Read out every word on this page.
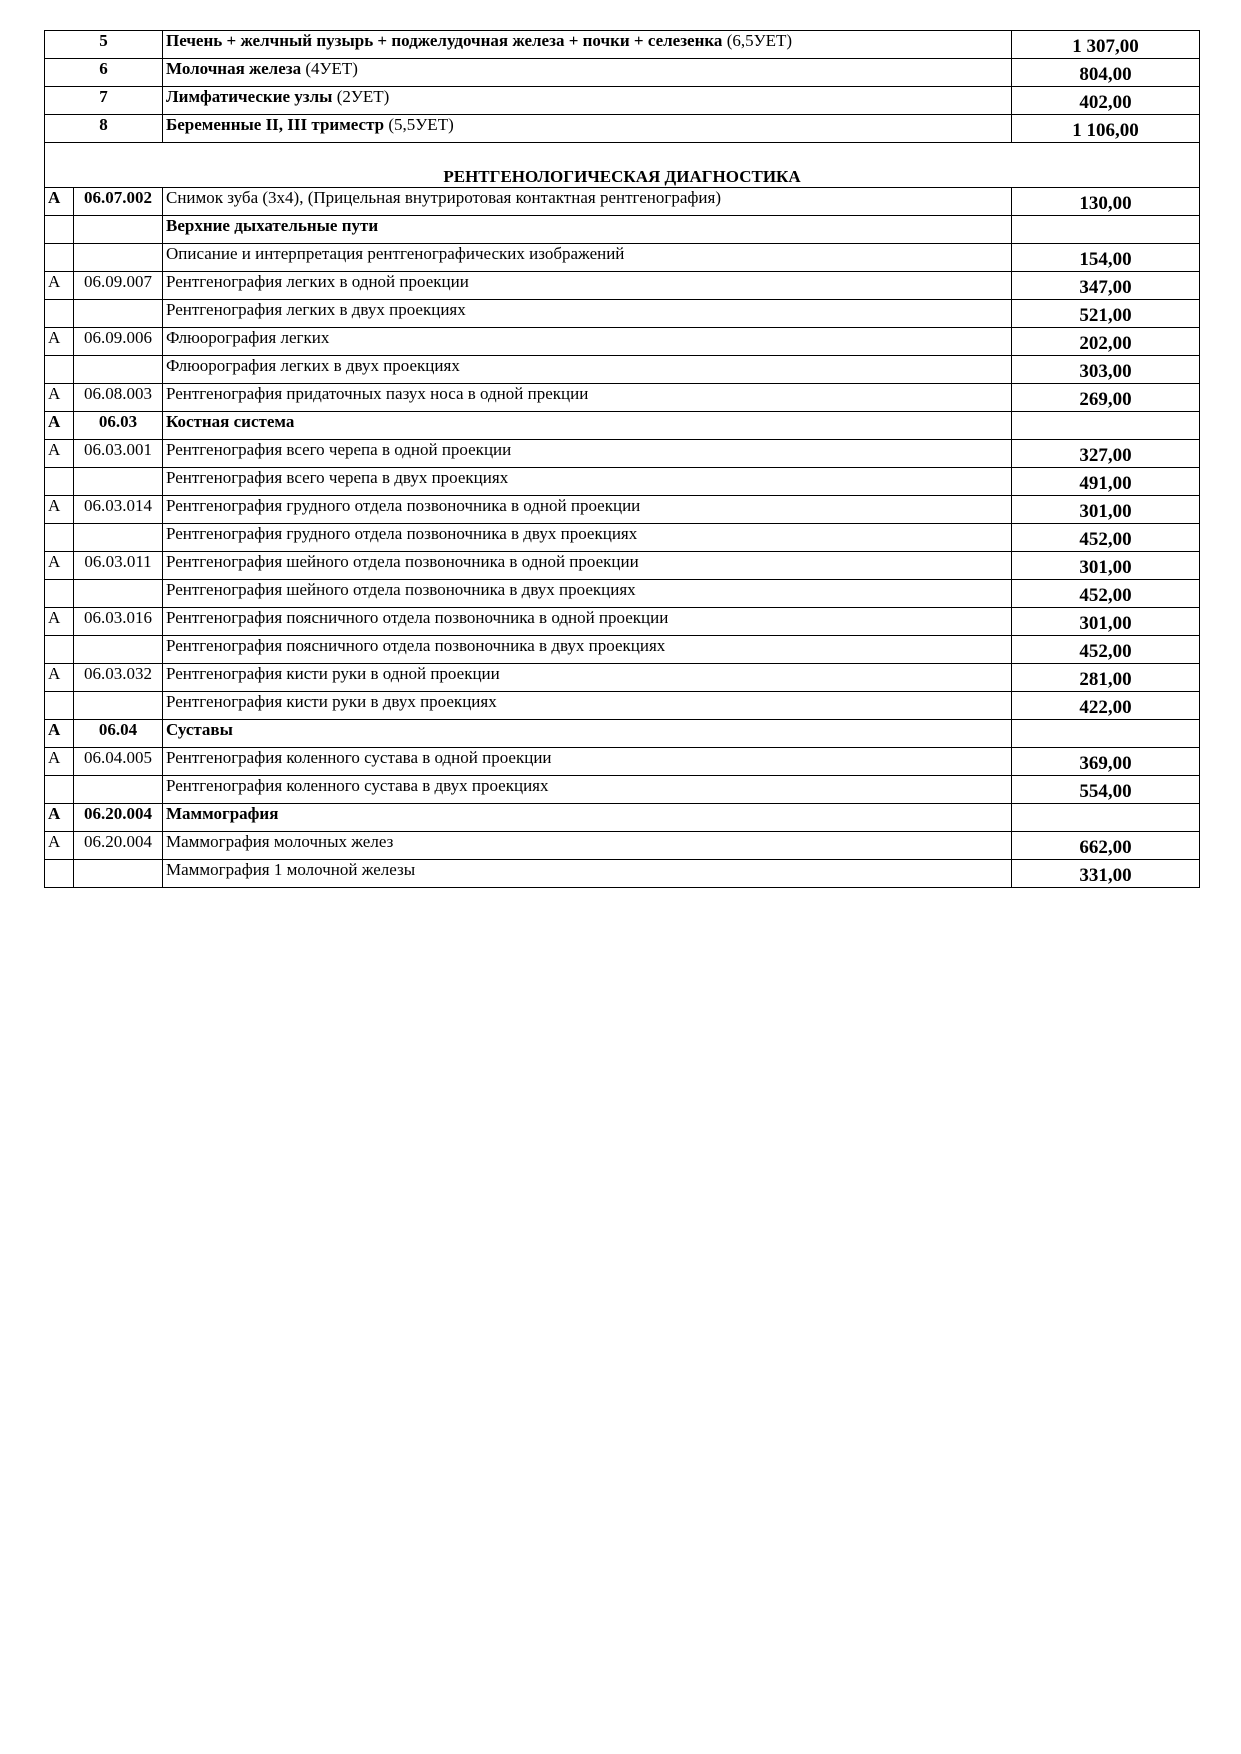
5		Печень + желчный пузырь + поджелудочная железа + почки + селезенка (6,5УЕТ)	1 307,00
6		Молочная железа (4УЕТ)	804,00
7		Лимфатические узлы (2УЕТ)	402,00
8		Беременные II, III триместр (5,5УЕТ)	1 106,00
РЕНТГЕНОЛОГИЧЕСКАЯ ДИАГНОСТИКА			
А	06.07.002	Снимок зуба (3х4), (Прицельная внутриротовая контактная рентгенография)	130,00
		Верхние дыхательные пути	
		Описание и интерпретация рентгенографических изображений	154,00
А	06.09.007	Рентгенография легких в одной проекции	347,00
		Рентгенография легких в двух проекциях	521,00
А	06.09.006	Флюорография легких	202,00
		Флюорография легких в двух проекциях	303,00
А	06.08.003	Рентгенография придаточных пазух носа в одной прекции	269,00
А	06.03	Костная система	
А	06.03.001	Рентгенография всего черепа в одной проекции	327,00
		Рентгенография всего черепа в двух проекциях	491,00
А	06.03.014	Рентгенография грудного отдела позвоночника в одной проекции	301,00
		Рентгенография грудного отдела позвоночника в двух проекциях	452,00
А	06.03.011	Рентгенография шейного отдела позвоночника в одной проекции	301,00
		Рентгенография шейного отдела позвоночника в двух проекциях	452,00
А	06.03.016	Рентгенография поясничного отдела позвоночника в одной проекции	301,00
		Рентгенография поясничного отдела позвоночника в двух проекциях	452,00
А	06.03.032	Рентгенография кисти руки в одной проекции	281,00
		Рентгенография кисти руки в двух проекциях	422,00
А	06.04	Суставы	
А	06.04.005	Рентгенография коленного сустава в одной проекции	369,00
		Рентгенография коленного сустава в двух проекциях	554,00
А	06.20.004	Маммография	
А	06.20.004	Маммография молочных желез	662,00
		Маммография 1 молочной железы	331,00
